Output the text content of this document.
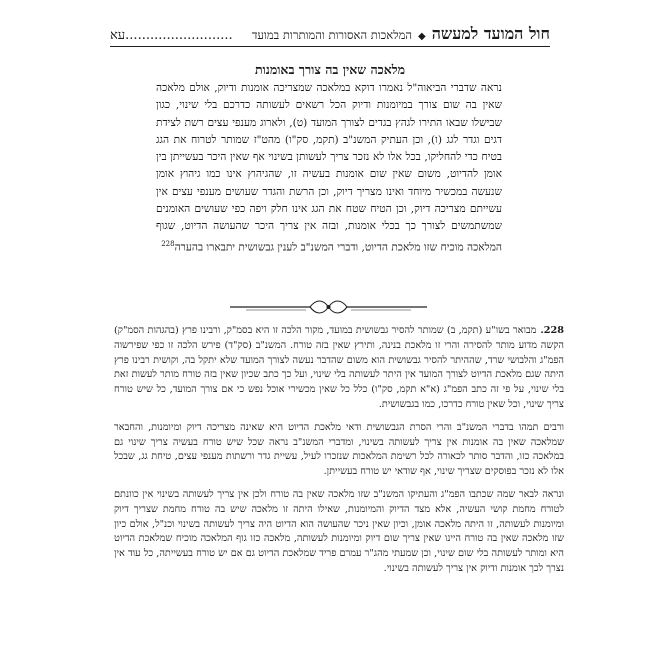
חול המועד למעשה
◆
המלאכות האסורות והמותרות במועד
עא..........................
מלאכה שאין בה צורך באומנות

נראה שדברי הביאוה"ל נאמרו דוקא במלאכה שמצריכה אומנות ודיוק, אולם מלאכה שאין בה שום צורך במיומנות ודיוק הכל רשאים לעשותה כדרכם בלי שינוי, כגון שבישלו שבאו התירו לגהץ בגדים לצורך המועד (ט), ולארוג מענפי עצים רשת לצידת דגים וגדר לגג (ו), וכן העתיק המשנ"ב (תקמ, סק"ו) מהט"ז שמותר לטרוח את הגג בטיח כדי להחליקו, בכל אלו לא נזכר צריך לעשותן בשינוי אף שאין היכר בעשייתן בין אומן להדיוט, משום שאין שום אומנות בעשיה זו, שהגיהוץ אינו כמו גיהוץ אומן שנעשה במכשיר מיוחד ואינו מצריך דיוק, וכן הרשת והגדר שעושים מענפי עצים אין עשייתם מצריכה דיוק, וכן הטיח שטח את הגג אינו חלק ויפה כפי שעושים האומנים שמשתמשים לצורך כך בכלי אומנות, ובזה אין צריך היכר שהעושה הדיוט, שגוף המלאכה מוכיח שזו מלאכת הדיוט, ודברי המשנ"ב לענין גבשושית יתבארו בהערה$^{228}$

228.מבואר בשו"ע (תקמ, ב) שמותר להסיר גבשושית במועד, מקור הלכה זו היא בסמ"ק, ורבינו פרץ (בהגהות הסמ"ק) הקשה מדוע מותר להסירה והרי זו מלאכת בנינה, ותירץ שאין בזה טורח. המשנ"ב (סק"ד) פירש הלכה זו כפי שפירשוה הפמ"ג והלבושי שרד, שההיתר להסיר גבשושית הוא משום שהדבר נעשה לצורך המועד שלא יתקל בה, וקושית רבינו פרץ היתה שגם מלאכת הדיוט לצורך המועד אין היתר לעשותה בלי שינוי, ועל כך כתב שכיון שאין בזה טורח מותר לעשות זאת בלי שינוי, על פי זה כתב הפמ"ג (א"א תקמ, סק"ו) כלל כל שאין מכשירי אוכל נפש כי אם צורך המועד, כל שיש טורח צריך שינוי, וכל שאין טורח כדרכו, כמו בגבשושית.

ורבים תמהו בדברי המשנ"ב והרי הסרת הגבשושית ודאי מלאכת הדיוט היא שאינה מצריכה דיוק ומיומנות, והחבאר שמלאכה שאין בה אומנות אין צריך לעשותה בשינוי, ומדברי המשנ"ב נראה שכל שיש טורח בעשיה צריך שינוי גם במלאכה כזו, והדבר סותר לכאורה לכל רשימת המלאכות שנזכרו לעיל, עשיית גדר ורשתות מענפי עצים, טיחת גג, שבכל אלו לא נזכר בפוסקים שצריך שינוי, אף שודאי יש טורח בעשייתן.

ונראה לבאר שמה שכתבו הפמ"ג והעתיקו המשנ"ב שזו מלאכה שאין בה טורח ולכן אין צריך לעשותה בשינוי אין כוונתם לטורח מחמת קושי העשיה, אלא מצד הדיוק והמיומנות, שאילו היתה זו מלאכה שיש בה טורח מחמת שצריך דיוק ומיומנות לעשותה, זו היתה מלאכה אומן, וכיון שאין ניכר שהעושה הוא הדיוט היה צריך לעשותה בשינוי וכנ"ל, אולם כיון שזו מלאכה שאין בה טורח היינו שאין צריך שום דיוק ומיומנות לעשותה, מלאכה כזו גוף המלאכה מוכיח שמלאכת הדיוט היא ומותר לעשותה בלי שום שינוי, וכן שמעתי מהג"ר עמרם פריד שמלאכת הדיוט גם אם יש טורח בעשייתה, כל עוד אין נצרך לכך אומנות ודיוק אין צריך לעשותה בשינוי.
